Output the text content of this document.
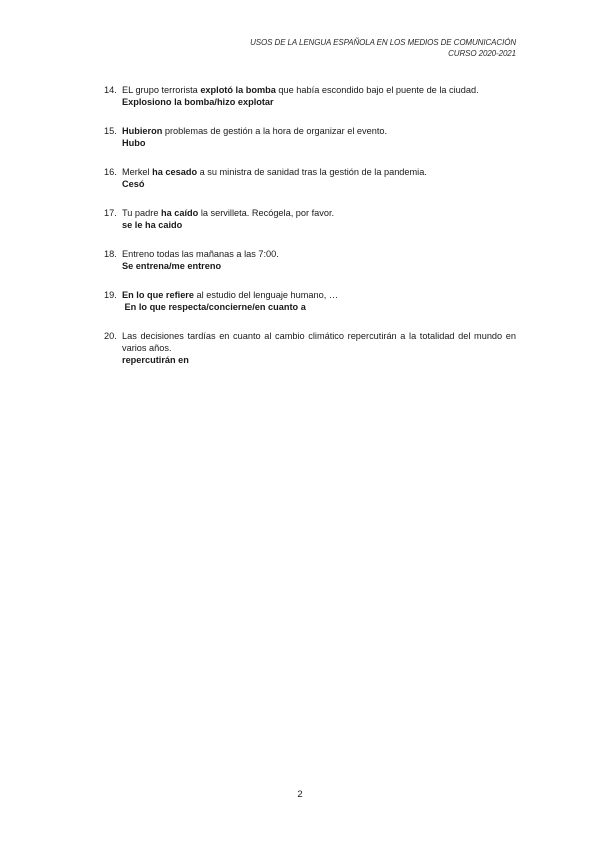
USOS DE LA LENGUA ESPAÑOLA EN LOS MEDIOS DE COMUNICACIÓN
CURSO 2020-2021
14. EL grupo terrorista explotó la bomba que había escondido bajo el puente de la ciudad.
Explosiono la bomba/hizo explotar
15. Hubieron problemas de gestión a la hora de organizar el evento.
Hubo
16. Merkel ha cesado a su ministra de sanidad tras la gestión de la pandemia.
Cesó
17. Tu padre ha caído la servilleta. Recógela, por favor.
se le ha caido
18. Entreno todas las mañanas a las 7:00.
Se entrena/me entreno
19. En lo que refiere al estudio del lenguaje humano, …
En lo que respecta/concierne/en cuanto a
20. Las decisiones tardías en cuanto al cambio climático repercutirán a la totalidad del mundo en varios años.
repercutirán en
2
